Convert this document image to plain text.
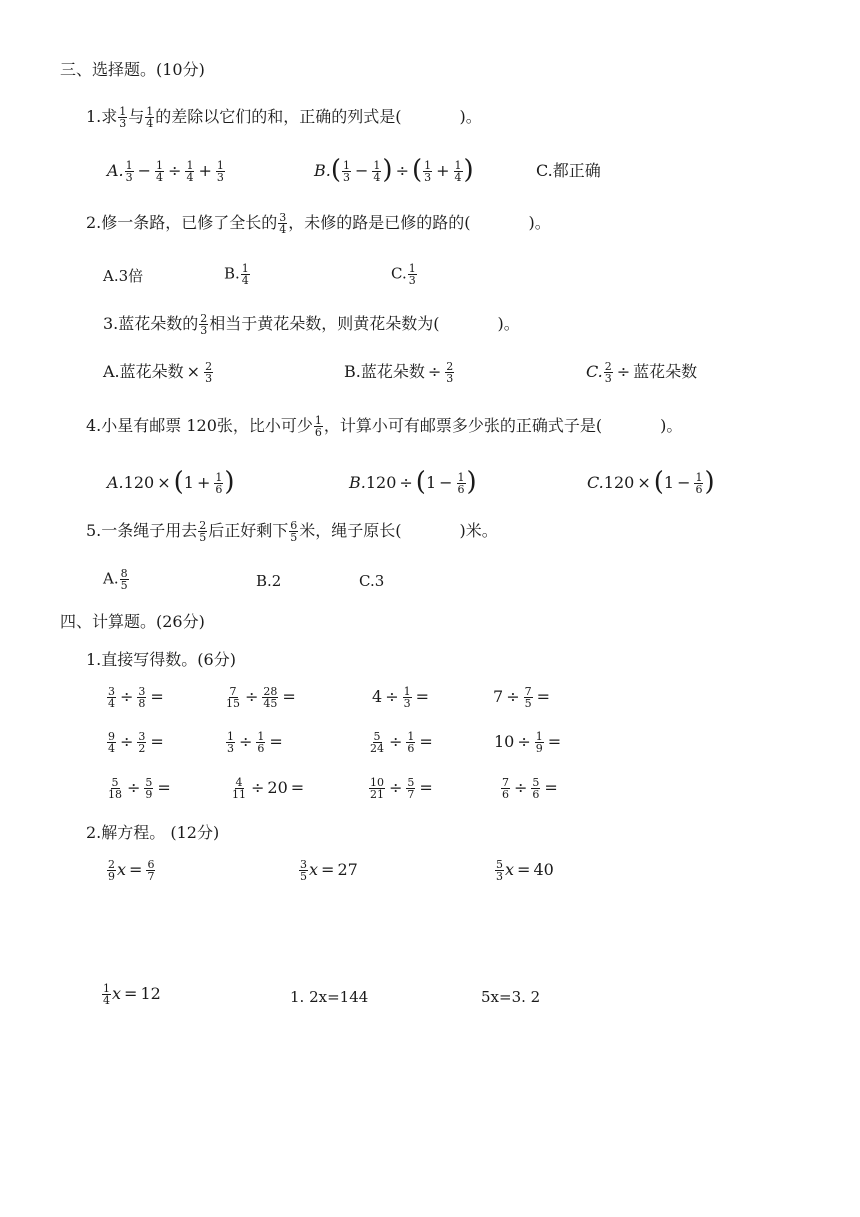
三、选择题。(10分)
1.求 $\frac{1}{3}$ 与 $\frac{1}{4}$ 的差除以它们的和，正确的列式是(	)。
A. $\frac{1}{3} - \frac{1}{4} \div \frac{1}{4} + \frac{1}{3}$	$B.( \frac{1}{3} - \frac{1}{4}$ ) ÷ ( $\frac{1}{3} + \frac{1}{4}$ )	C.都正确
2.修一条路，已修了全长的 $\frac{3}{4}$ ，未修的路是已修的路的(	)。
A.3倍	B. $\frac{1}{4}$	C. $\frac{1}{3}$
3.蓝花朵数的 $\frac{2}{3}$ 相当于黄花朵数，则黄花朵数为(	)。
A.蓝花朵数 × $\frac{2}{3}$	B.蓝花朵数 ÷ $\frac{2}{3}$	C. $\frac{2}{3}$ ÷ 蓝花朵数
4.小星有邮票 120张，比小可少 $\frac{1}{6}$ ，计算小可有邮票多少张的正确式子是(	)。
$A.120 \times (1 + \frac{1}{6}$ )	$B.120 \div (1 - \frac{1}{6}$ )	$C.120 \times (1 - \frac{1}{6}$ )
5.一条绳子用去 $\frac{2}{5}$ 后正好剩下 $\frac{6}{5}$ 米，绳子原长(	)米。
A. $\frac{8}{5}$	B.2	C.3
四、计算题。(26分)
1.直接写得数。(6分)
$\frac{3}{4} \div \frac{3}{8}$ =	$\frac{7}{15} \div \frac{28}{45}$ =	$4 \div \frac{1}{3}$ =	$7 \div \frac{7}{5}$ =
$\frac{9}{4} \div \frac{3}{2}$ =	$\frac{1}{3} \div \frac{1}{6}$ =	$\frac{5}{24} \div \frac{1}{6}$ =	$10 \div \frac{1}{9}$ =
$\frac{5}{18} \div \frac{5}{9}$ =	$\frac{4}{11} \div 20$ =	$\frac{10}{21} \div \frac{5}{7}$ =	$\frac{7}{6} \div \frac{5}{6}$ =
2.解方程。 (12分)
$\frac{2}{9}$ $x = \frac{6}{7}$	$\frac{3}{5}$ x = 27	$\frac{5}{3}$ x = 40
$\frac{1}{4}$ x = 12	1. 2x=144	5x=3. 2
